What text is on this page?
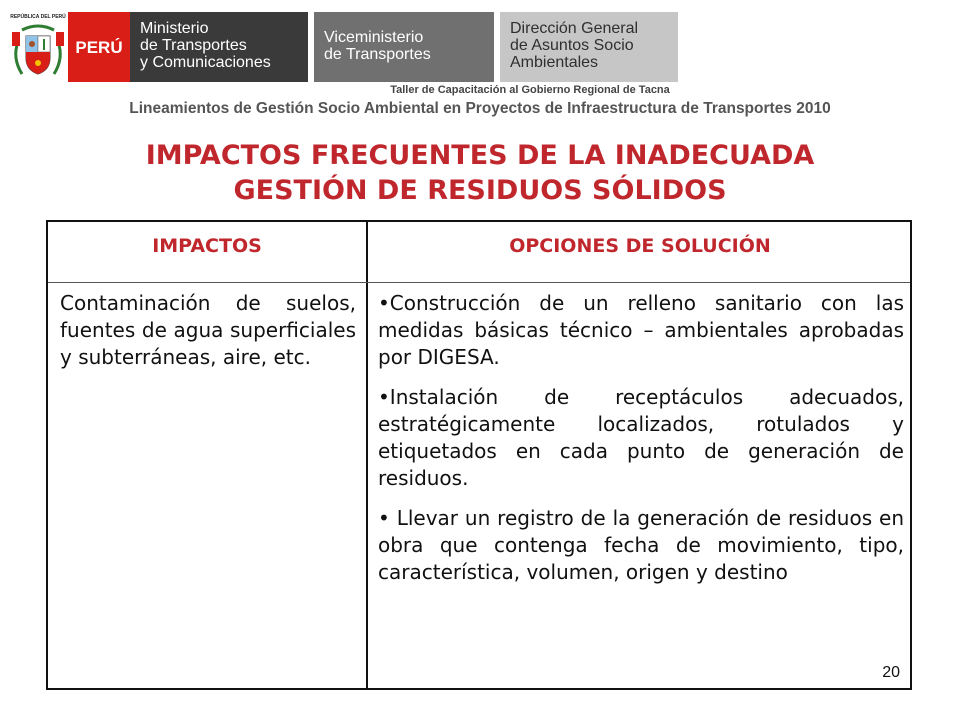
REPÚBLICA DEL PERÚ
PERÚ
Ministerio
de Transportes
y Comunicaciones
Viceministerio
de Transportes
Dirección General
de Asuntos Socio
Ambientales
Taller de Capacitación al Gobierno Regional de Tacna
Lineamientos de Gestión Socio Ambiental en Proyectos de Infraestructura de Transportes 2010
IMPACTOS FRECUENTES DE LA INADECUADA
GESTIÓN DE RESIDUOS SÓLIDOS
IMPACTOS	OPCIONES DE SOLUCIÓN
Contaminación de suelos, fuentes de agua superficiales y subterráneas, aire, etc.

•Construcción de un relleno sanitario con las medidas básicas técnico – ambientales aprobadas por DIGESA.

•Instalación de receptáculos adecuados, estratégicamente localizados, rotulados y etiquetados en cada punto de generación de residuos.

• Llevar un registro de la generación de residuos en obra que contenga fecha de movimiento, tipo, característica, volumen, origen y destino

20
